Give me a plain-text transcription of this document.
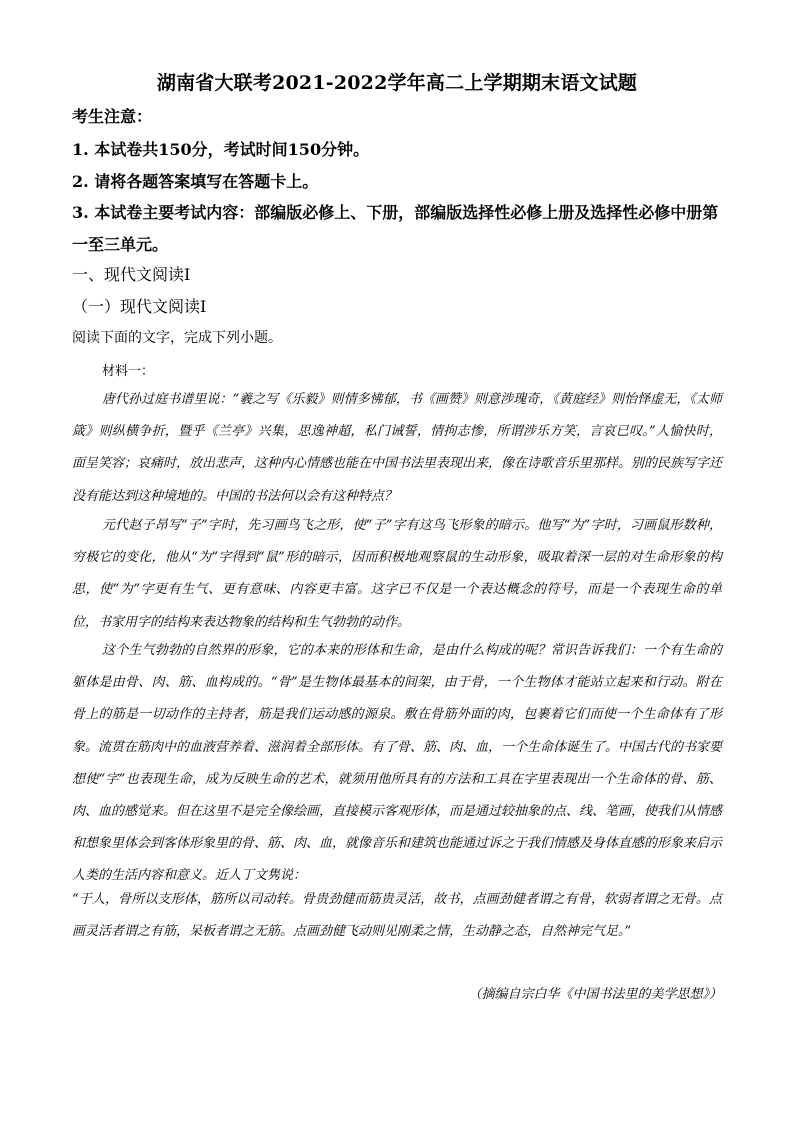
湖南省大联考2021-2022学年高二上学期期末语文试题
考生注意：
1. 本试卷共150分，考试时间150分钟。
2. 请将各题答案填写在答题卡上。
3. 本试卷主要考试内容：部编版必修上、下册，部编版选择性必修上册及选择性必修中册第一至三单元。
一、现代文阅读Ⅰ
（一）现代文阅读Ⅰ
阅读下面的文字，完成下列小题。
材料一：
唐代孙过庭书谱里说：“羲之写《乐毅》则情多怫郁，书《画赞》则意涉瑰奇，《黄庭经》则怡怿虚无，《太师箴》则纵横争折，暨乎《兰亭》兴集，思逸神超，私门诫誓，情拘志惨，所谓涉乐方笑，言哀已叹。”人愉快时，面呈笑容；哀痛时，放出悲声，这种内心情感也能在中国书法里表现出来，像在诗歌音乐里那样。别的民族写字还没有能达到这种境地的。中国的书法何以会有这种特点？
元代赵子昂写“子”字时，先习画鸟飞之形，使“子”字有这鸟飞形象的暗示。他写“为”字时，习画鼠形数种，穷极它的变化，他从“为”字得到“鼠”形的暗示，因而积极地观察鼠的生动形象，吸取着深一层的对生命形象的构思，使“为”字更有生气、更有意味、内容更丰富。这字已不仅是一个表达概念的符号，而是一个表现生命的单位，书家用字的结构来表达物象的结构和生气勃勃的动作。
这个生气勃勃的自然界的形象，它的本来的形体和生命，是由什么构成的呢？常识告诉我们：一个有生命的躯体是由骨、肉、筋、血构成的。“骨”是生物体最基本的间架，由于骨，一个生物体才能站立起来和行动。附在骨上的筋是一切动作的主持者，筋是我们运动感的源泉。敷在骨筋外面的肉，包裹着它们而使一个生命体有了形象。流贯在筋肉中的血液营养着、滋润着全部形体。有了骨、筋、肉、血，一个生命体诞生了。中国古代的书家要想使“字”也表现生命，成为反映生命的艺术，就须用他所具有的方法和工具在字里表现出一个生命体的骨、筋、肉、血的感觉来。但在这里不是完全像绘画，直接模示客观形体，而是通过较抽象的点、线、笔画，使我们从情感和想象里体会到客体形象里的骨、筋、肉、血，就像音乐和建筑也能通过诉之于我们情感及身体直感的形象来启示人类的生活内容和意义。近人丁文隽说：
“于人，骨所以支形体，筋所以司动转。骨贵劲健而筋贵灵活，故书，点画劲健者谓之有骨，软弱者谓之无骨。点画灵活者谓之有筋，呆板者谓之无筋。点画劲健飞动则见刚柔之情，生动静之态，自然神完气足。”
（摘编自宗白华《中国书法里的美学思想》）
